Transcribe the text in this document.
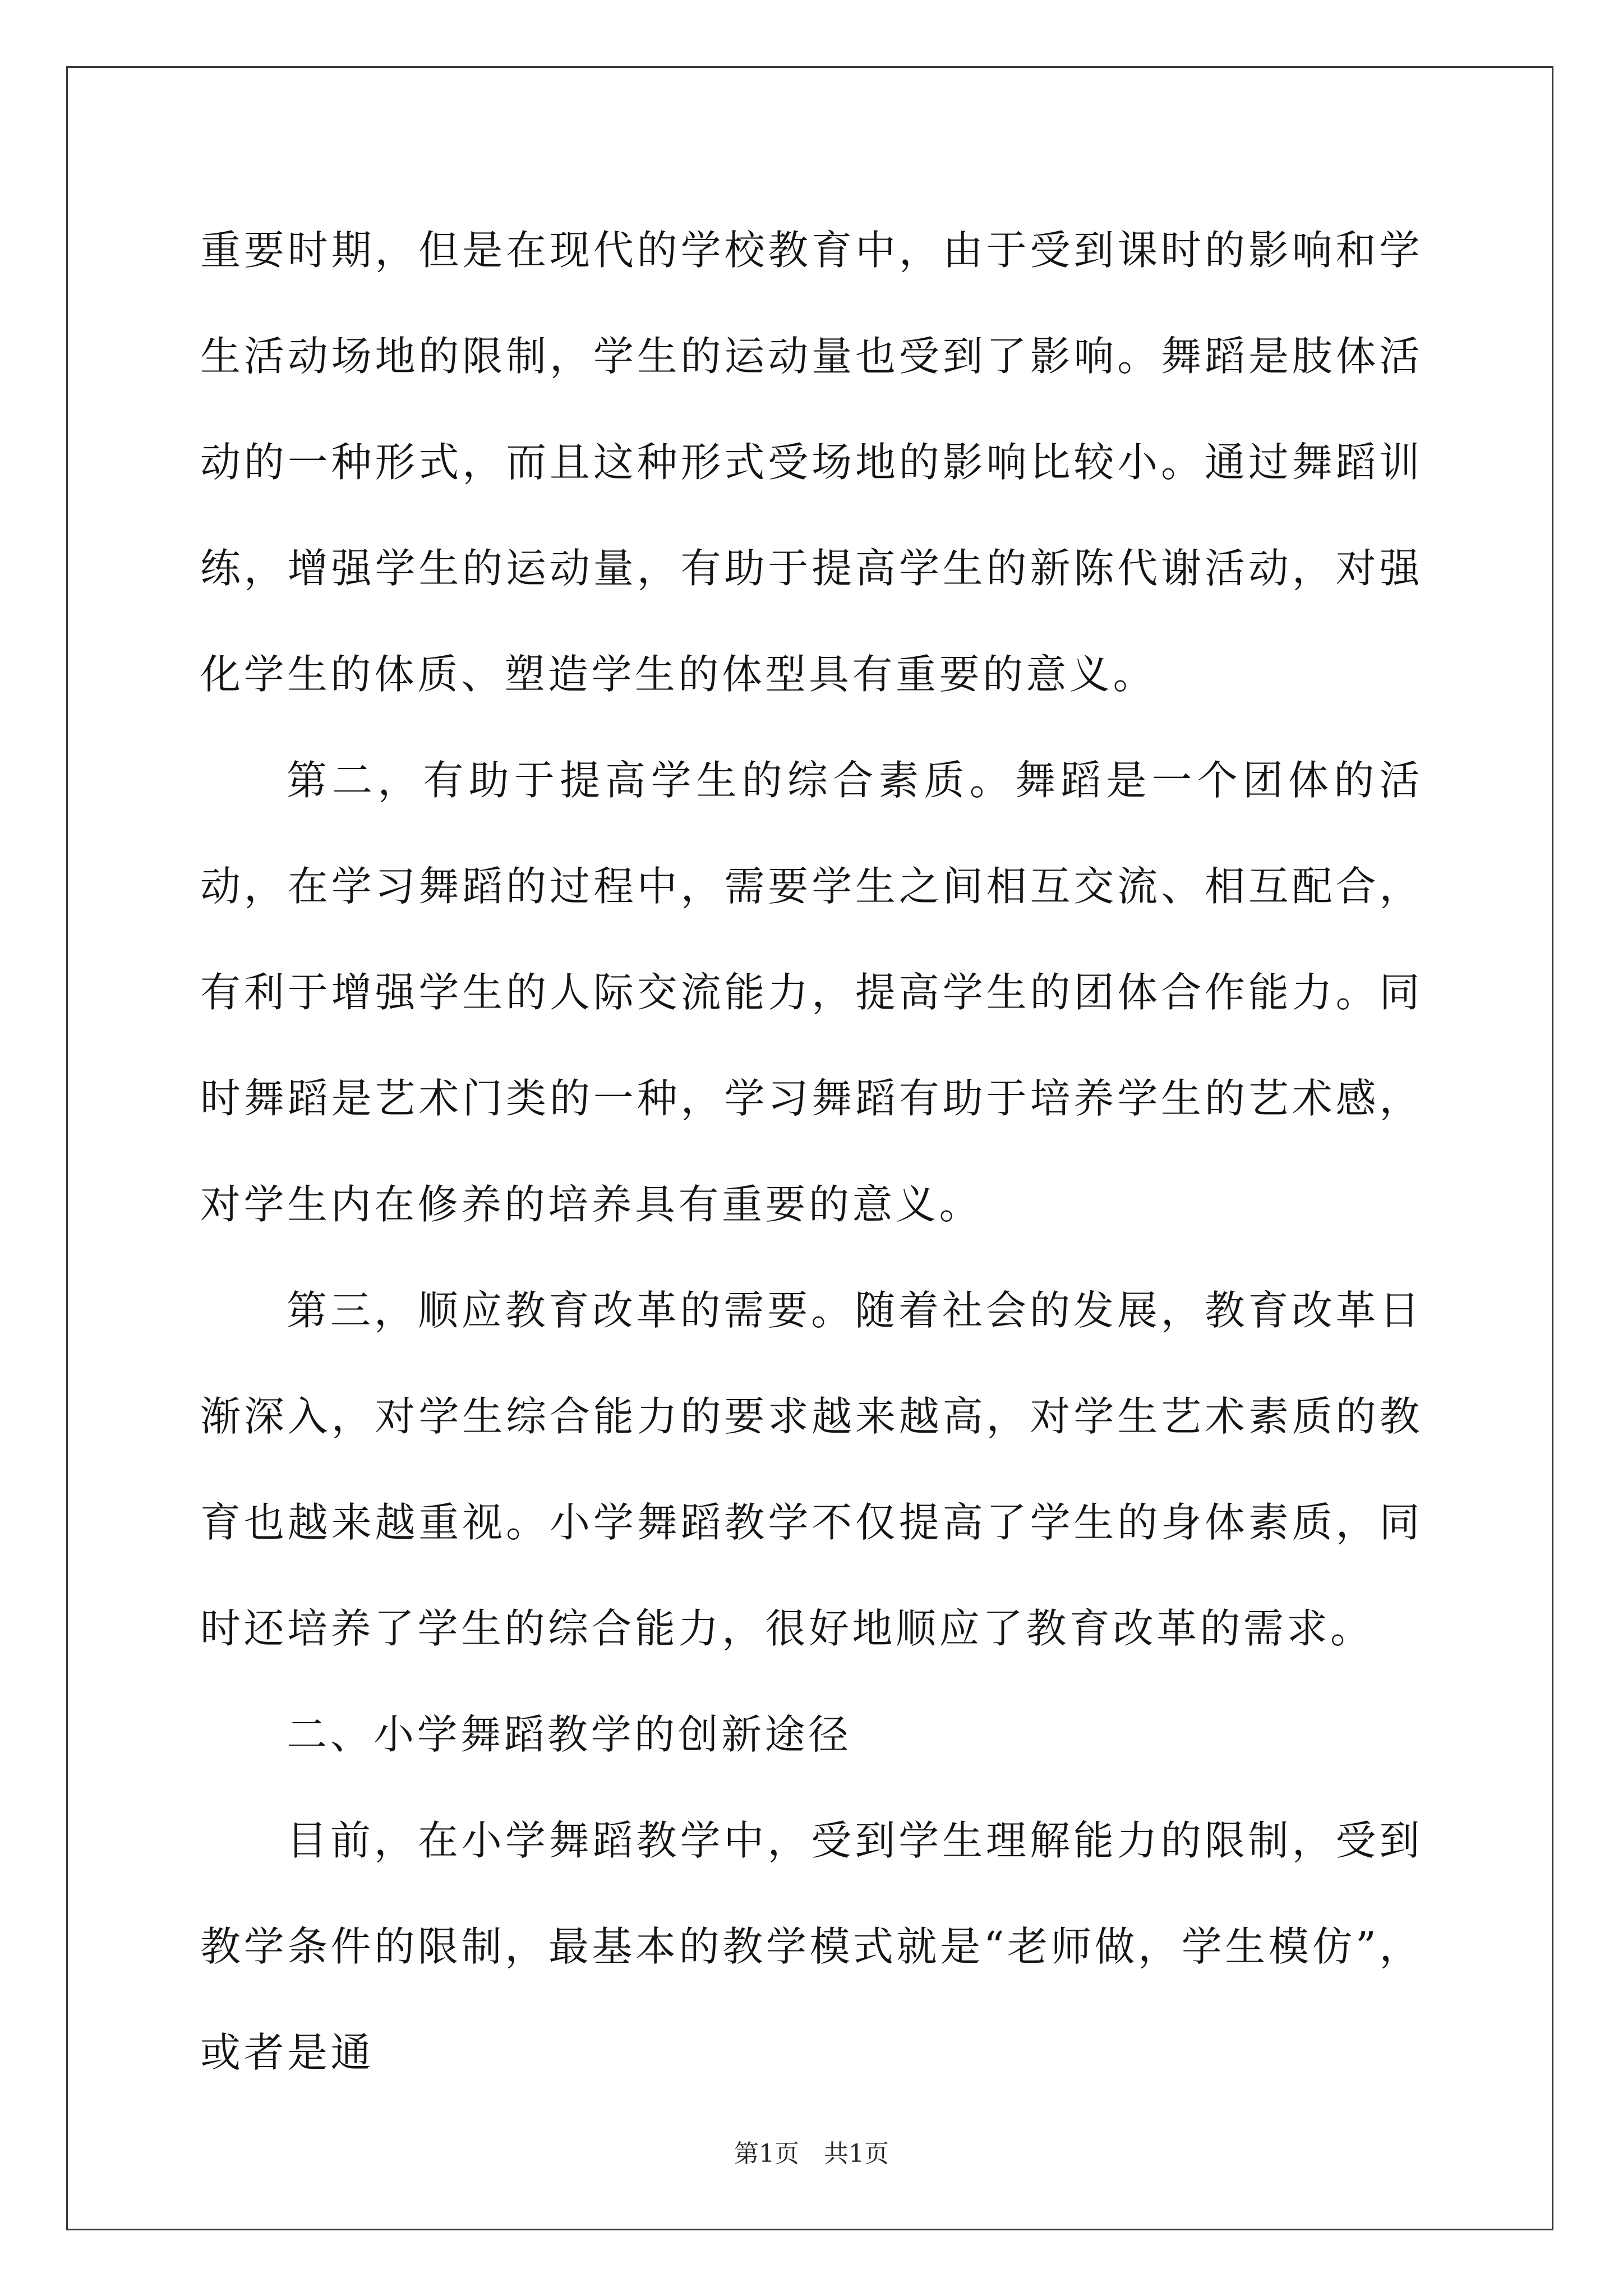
重要时期，但是在现代的学校教育中，由于受到课时的影响和学生活动场地的限制，学生的运动量也受到了影响。舞蹈是肢体活动的一种形式，而且这种形式受场地的影响比较小。通过舞蹈训练，增强学生的运动量，有助于提高学生的新陈代谢活动，对强化学生的体质、塑造学生的体型具有重要的意义。

第二，有助于提高学生的综合素质。舞蹈是一个团体的活动，在学习舞蹈的过程中，需要学生之间相互交流、相互配合，有利于增强学生的人际交流能力，提高学生的团体合作能力。同时舞蹈是艺术门类的一种，学习舞蹈有助于培养学生的艺术感，对学生内在修养的培养具有重要的意义。

第三，顺应教育改革的需要。随着社会的发展，教育改革日渐深入，对学生综合能力的要求越来越高，对学生艺术素质的教育也越来越重视。小学舞蹈教学不仅提高了学生的身体素质，同时还培养了学生的综合能力，很好地顺应了教育改革的需求。

二、小学舞蹈教学的创新途径

目前，在小学舞蹈教学中，受到学生理解能力的限制，受到教学条件的限制，最基本的教学模式就是“老师做，学生模仿”，或者是通

第1页　共1页
